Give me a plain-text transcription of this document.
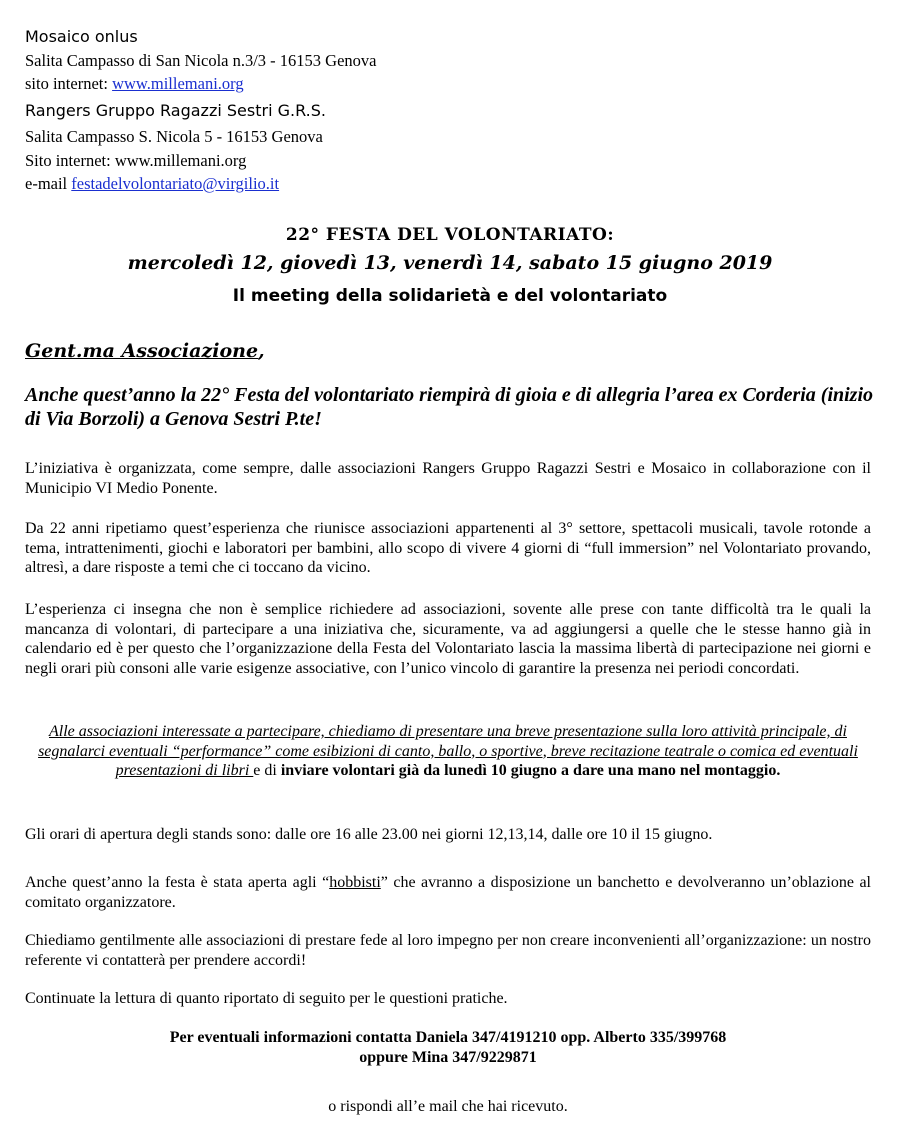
Mosaico onlus
Salita Campasso di San Nicola n.3/3 - 16153 Genova
sito internet: www.millemani.org
Rangers Gruppo Ragazzi Sestri G.R.S.
Salita Campasso S. Nicola 5 - 16153 Genova
Sito internet: www.millemani.org
e-mail festadelvolontariato@virgilio.it
22° FESTA DEL VOLONTARIATO:
mercoledì 12, giovedì 13, venerdì 14, sabato 15 giugno 2019
Il meeting della solidarietà e del volontariato
Gent.ma Associazione,
Anche quest’anno la 22° Festa del volontariato riempirà di gioia e di allegria l’area ex Corderia (inizio di Via Borzoli) a Genova Sestri P.te!
L’iniziativa è organizzata, come sempre, dalle associazioni Rangers Gruppo Ragazzi Sestri e Mosaico in collaborazione con il Municipio VI Medio Ponente.
Da 22 anni ripetiamo quest’esperienza che riunisce associazioni appartenenti al 3° settore, spettacoli musicali, tavole rotonde a tema, intrattenimenti, giochi e laboratori per bambini, allo scopo di vivere 4 giorni di “full immersion” nel Volontariato provando, altresì, a dare risposte a temi che ci toccano da vicino.
L’esperienza ci insegna che non è semplice richiedere ad associazioni, sovente alle prese con tante difficoltà tra le quali la mancanza di volontari, di partecipare a una iniziativa che, sicuramente, va ad aggiungersi a quelle che le stesse hanno già in calendario ed è per questo che l’organizzazione della Festa del Volontariato lascia la massima libertà di partecipazione nei giorni e negli orari più consoni alle varie esigenze associative, con l’unico vincolo di garantire la presenza nei periodi concordati.
Alle associazioni interessate a partecipare, chiediamo di presentare una breve presentazione sulla loro attività principale, di segnalarci eventuali “performance” come esibizioni di canto, ballo, o sportive, breve recitazione teatrale o comica ed eventuali presentazioni di libri e di inviare volontari già da lunedì 10 giugno a dare una mano nel montaggio.
Gli orari di apertura degli stands sono: dalle ore 16 alle 23.00 nei giorni 12,13,14, dalle ore 10 il 15 giugno.
Anche quest’anno la festa è stata aperta agli “hobbisti” che avranno a disposizione un banchetto e devolveranno un’oblazione al comitato organizzatore.
Chiediamo gentilmente alle associazioni di prestare fede al loro impegno per non creare inconvenienti all’organizzazione: un nostro referente vi contatterà per prendere accordi!
Continuate la lettura di quanto riportato di seguito per le questioni pratiche.
Per eventuali informazioni contatta Daniela 347/4191210 opp. Alberto 335/399768
oppure Mina 347/9229871
o rispondi all’e mail che hai ricevuto.
